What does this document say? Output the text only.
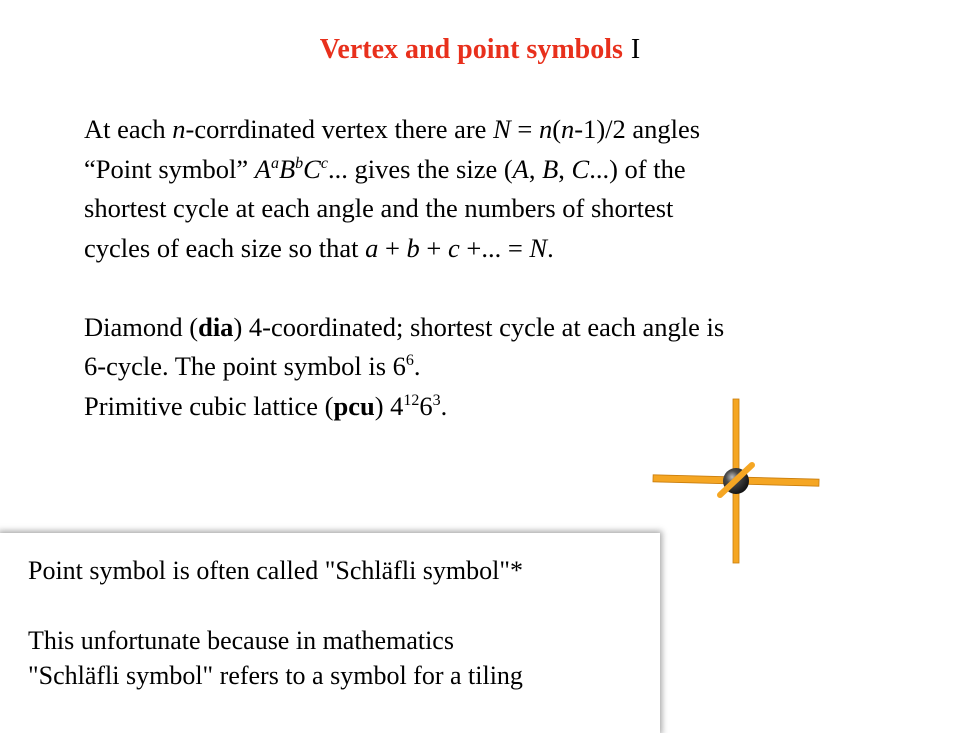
Vertex and point symbols I

At each n-corrdinated vertex there are N = n(n-1)/2 angles
“Point symbol” $A^aB^bC^c$... gives the size (A, B, C...) of the
shortest cycle at each angle and the numbers of shortest
cycles of each size so that a + b + c +... = N.

Diamond (dia) 4-coordinated; shortest cycle at each angle is
6-cycle. The point symbol is $6^6$.
Primitive cubic lattice (pcu) $4^{12}6^3$.

Point symbol is often called "Schläfli symbol"*
This unfortunate because in mathematics
"Schläfli symbol" refers to a symbol for a tiling
